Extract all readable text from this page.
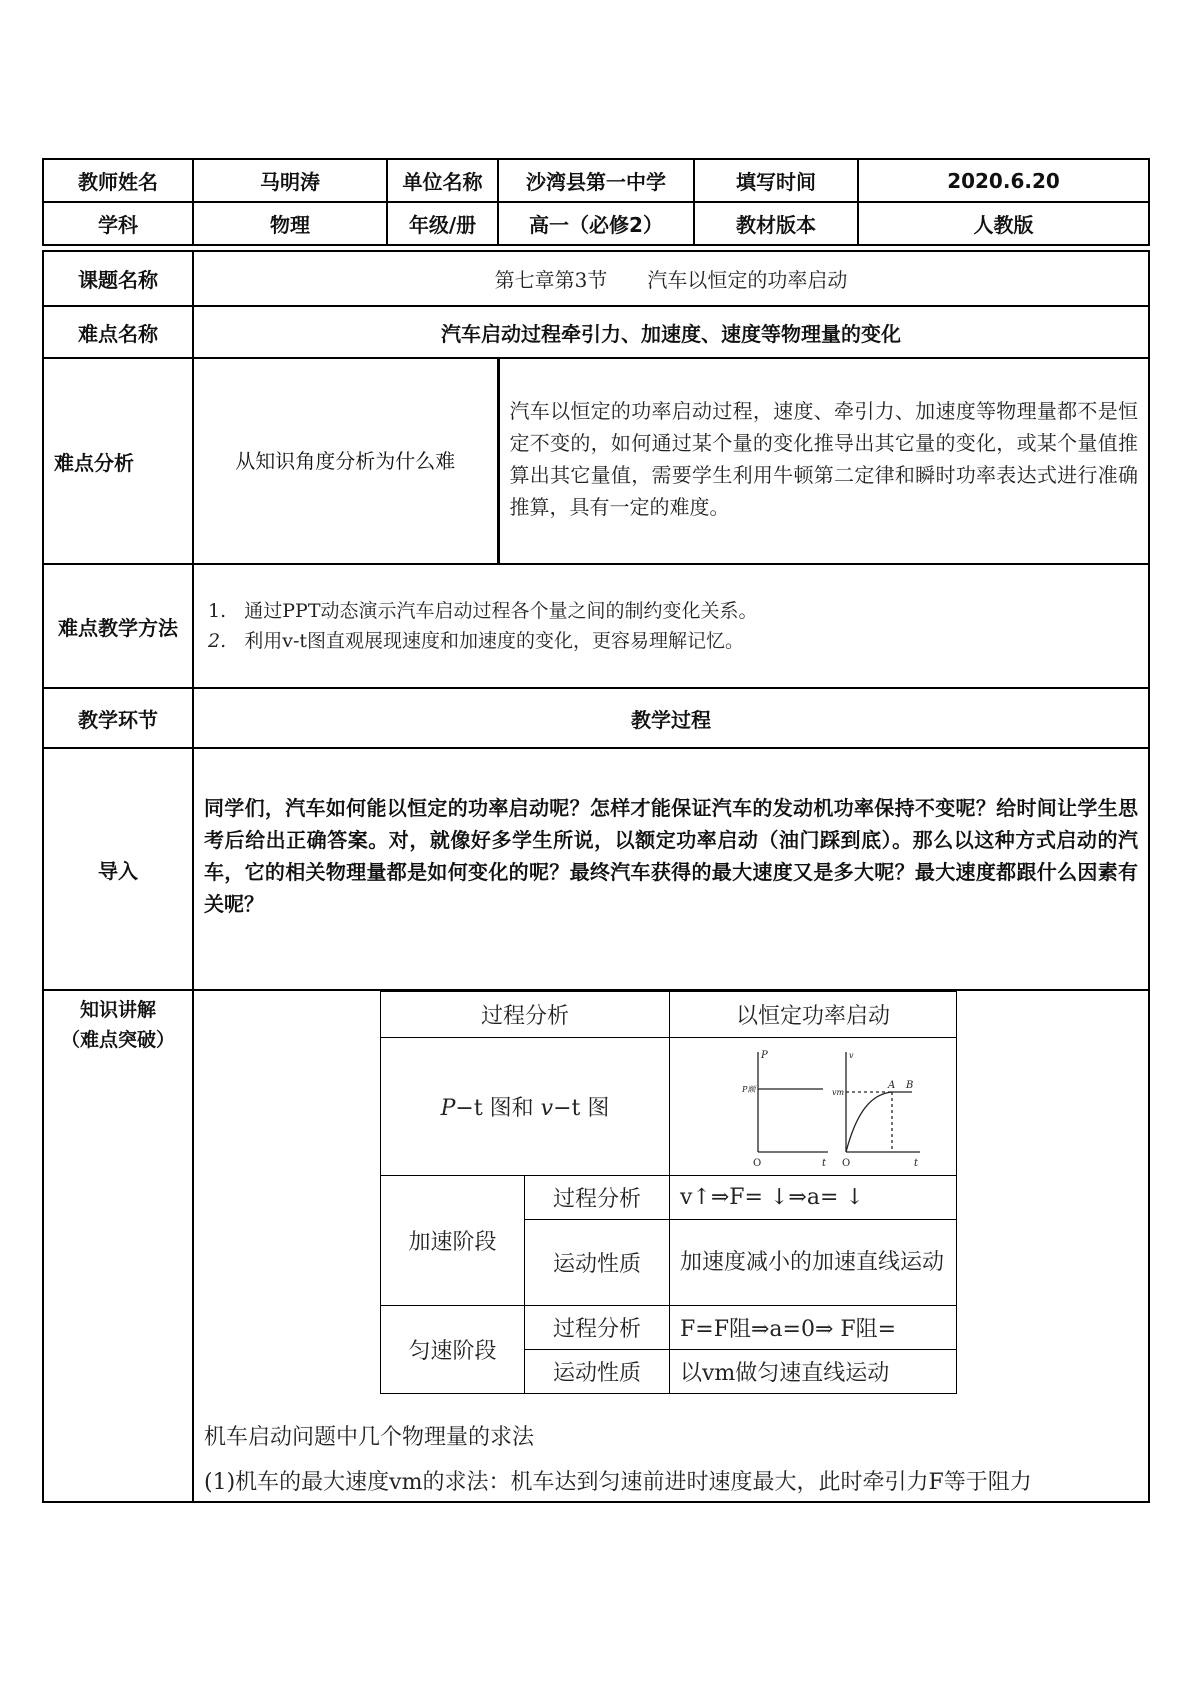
教师姓名	马明涛	单位名称	沙湾县第一中学	填写时间	2020.6.20
学科	物理	年级/册	高一（必修2）	教材版本	人教版

课题名称	第七章第3节　　汽车以恒定的功率启动
难点名称	汽车启动过程牵引力、加速度、速度等物理量的变化
难点分析	从知识角度分析为什么难	汽车以恒定的功率启动过程，速度、牵引力、加速度等物理量都不是恒定不变的，如何通过某个量的变化推导出其它量的变化，或某个量值推算出其它量值，需要学生利用牛顿第二定律和瞬时功率表达式进行准确推算，具有一定的难度。
难点教学方法	
1. 通过PPT动态演示汽车启动过程各个量之间的制约变化关系。
2. 利用v-t图直观展现速度和加速度的变化，更容易理解记忆。

教学环节	教学过程
导入	同学们，汽车如何能以恒定的功率启动呢？怎样才能保证汽车的发动机功率保持不变呢？给时间让学生思考后给出正确答案。对，就像好多学生所说，以额定功率启动（油门踩到底）。那么以这种方式启动的汽车，它的相关物理量都是如何变化的呢？最终汽车获得的最大速度又是多大呢？最大速度都跟什么因素有关呢？

知识讲解
（难点突破）

过程分析	以恒定功率启动
P−t 图和 v−t 图	
P
P额
O	t
v
vm
A B
O	t

加速阶段	过程分析	v↑⇒F= ↓⇒a= ↓
运动性质	加速度减小的加速直线运动
匀速阶段	过程分析	F=F阻⇒a=0⇒ F阻=
运动性质	以vm做匀速直线运动
机车启动问题中几个物理量的求法
(1)机车的最大速度vm的求法：机车达到匀速前进时速度最大，此时牵引力F等于阻力
